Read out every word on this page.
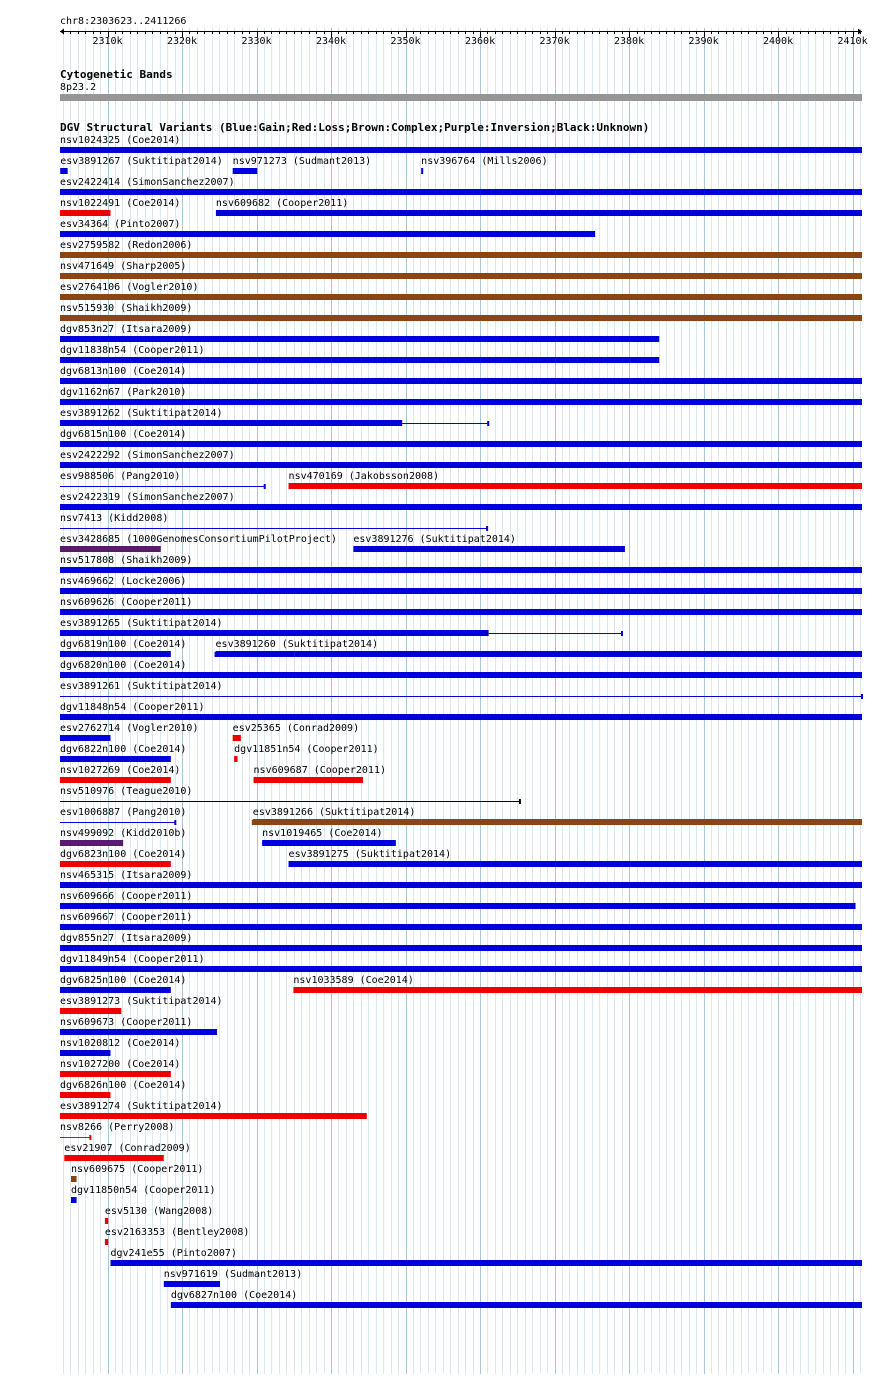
chr8:2303623..2411266
2310k	2320k	2330k	2340k	2350k	2360k	2370k	2380k	2390k	2400k	2410k
Cytogenetic Bands
8p23.2
DGV Structural Variants (Blue:Gain;Red:Loss;Brown:Complex;Purple:Inversion;Black:Unknown)
nsv1024325 (Coe2014)
esv3891267 (Suktitipat2014) nsv971273 (Sudmant2013)	nsv396764 (Mills2006)
esv2422414 (SimonSanchez2007)
nsv1022491 (Coe2014)	nsv609682 (Cooper2011)
esv34364 (Pinto2007)
esv2759582 (Redon2006)
nsv471649 (Sharp2005)
esv2764106 (Vogler2010)
nsv515930 (Shaikh2009)
dgv853n27 (Itsara2009)
dgv11838n54 (Cooper2011)
dgv6813n100 (Coe2014)
dgv1162n67 (Park2010)
esv3891262 (Suktitipat2014)
dgv6815n100 (Coe2014)
esv2422292 (SimonSanchez2007)
esv988506 (Pang2010)	nsv470169 (Jakobsson2008)
esv2422319 (SimonSanchez2007)
nsv7413 (Kidd2008)
esv3428685 (1000GenomesConsortiumPilotProject) esv3891276 (Suktitipat2014)
nsv517808 (Shaikh2009)
nsv469662 (Locke2006)
nsv609626 (Cooper2011)
esv3891265 (Suktitipat2014)
dgv6819n100 (Coe2014)	esv3891260 (Suktitipat2014)
dgv6820n100 (Coe2014)
esv3891261 (Suktitipat2014)
dgv11848n54 (Cooper2011)
esv2762714 (Vogler2010)	esv25365 (Conrad2009)
dgv6822n100 (Coe2014)	dgv11851n54 (Cooper2011)
nsv1027269 (Coe2014)	nsv609687 (Cooper2011)
nsv510976 (Teague2010)
esv1006887 (Pang2010)	esv3891266 (Suktitipat2014)
nsv499092 (Kidd2010b)	nsv1019465 (Coe2014)
dgv6823n100 (Coe2014)	esv3891275 (Suktitipat2014)
nsv465315 (Itsara2009)
nsv609666 (Cooper2011)
nsv609667 (Cooper2011)
dgv855n27 (Itsara2009)
dgv11849n54 (Cooper2011)
dgv6825n100 (Coe2014)	nsv1033589 (Coe2014)
esv3891273 (Suktitipat2014)
nsv609673 (Cooper2011)
nsv1020812 (Coe2014)
nsv1027200 (Coe2014)
dgv6826n100 (Coe2014)
esv3891274 (Suktitipat2014)
nsv8266 (Perry2008)
esv21907 (Conrad2009)
nsv609675 (Cooper2011)
dgv11850n54 (Cooper2011)
esv5130 (Wang2008)
esv2163353 (Bentley2008)
dgv241e55 (Pinto2007)
nsv971619 (Sudmant2013)
dgv6827n100 (Coe2014)
